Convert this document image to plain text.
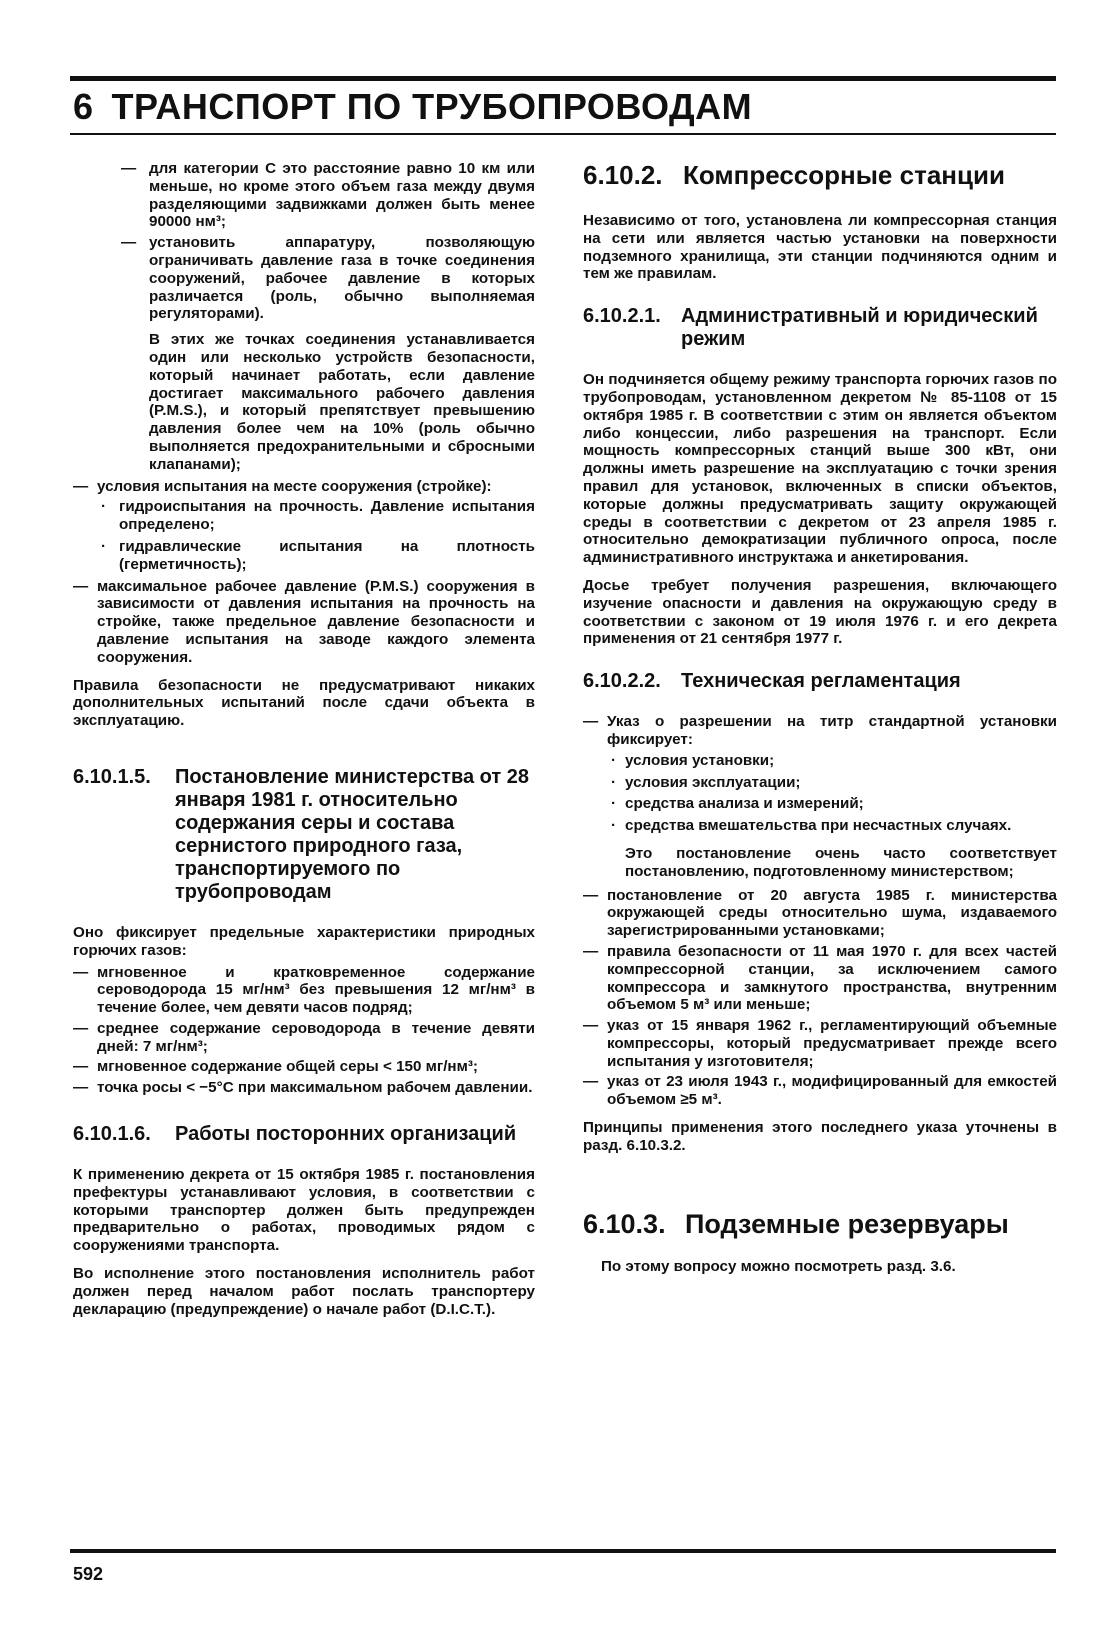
6 ТРАНСПОРТ ПО ТРУБОПРОВОДАМ
— для категории С это расстояние равно 10 км или меньше, но кроме этого объем газа между двумя разделяющими задвижками должен быть менее 90000 нм³;
— установить аппаратуру, позволяющую ограничивать давление газа в точке соединения сооружений, рабочее давление в которых различается (роль, обычно выполняемая регуляторами).

В этих же точках соединения устанавливается один или несколько устройств безопасности, который начинает работать, если давление достигает максимального рабочего давления (P.M.S.), и который препятствует превышению давления более чем на 10% (роль обычно выполняется предохранительными и сбросными клапанами);

— условия испытания на месте сооружения (стройке):
· гидроиспытания на прочность. Давление испытания определено;
· гидравлические испытания на плотность (герметичность);
— максимальное рабочее давление (P.M.S.) сооружения в зависимости от давления испытания на прочность на стройке, также предельное давление безопасности и давление испытания на заводе каждого элемента сооружения.

Правила безопасности не предусматривают никаких дополнительных испытаний после сдачи объекта в эксплуатацию.

6.10.1.5. Постановление министерства от 28 января 1981 г. относительно содержания серы и состава сернистого природного газа, транспортируемого по трубопроводам

Оно фиксирует предельные характеристики природных горючих газов:

— мгновенное и кратковременное содержание сероводорода 15 мг/нм³ без превышения 12 мг/нм³ в течение более, чем девяти часов подряд;
— среднее содержание сероводорода в течение девяти дней: 7 мг/нм³;
— мгновенное содержание общей серы < 150 мг/нм³;
— точка росы < −5°С при максимальном рабочем давлении.
6.10.1.6. Работы посторонних организаций

К применению декрета от 15 октября 1985 г. постановления префектуры устанавливают условия, в соответствии с которыми транспортер должен быть предупрежден предварительно о работах, проводимых рядом с сооружениями транспорта.

Во исполнение этого постановления исполнитель работ должен перед началом работ послать транспортеру декларацию (предупреждение) о начале работ (D.I.C.T.).

6.10.2. Компрессорные станции

Независимо от того, установлена ли компрессорная станция на сети или является частью установки на поверхности подземного хранилища, эти станции подчиняются одним и тем же правилам.

6.10.2.1. Административный и юридический режим

Он подчиняется общему режиму транспорта горючих газов по трубопроводам, установленном декретом № 85-1108 от 15 октября 1985 г. В соответствии с этим он является объектом либо концессии, либо разрешения на транспорт. Если мощность компрессорных станций выше 300 кВт, они должны иметь разрешение на эксплуатацию с точки зрения правил для установок, включенных в списки объектов, которые должны предусматривать защиту окружающей среды в соответствии с декретом от 23 апреля 1985 г. относительно демократизации публичного опроса, после административного инструктажа и анкетирования.

Досье требует получения разрешения, включающего изучение опасности и давления на окружающую среду в соответствии с законом от 19 июля 1976 г. и его декрета применения от 21 сентября 1977 г.

6.10.2.2. Техническая регламентация
— Указ о разрешении на титр стандартной установки фиксирует:
· условия установки;
· условия эксплуатации;
· средства анализа и измерений;
· средства вмешательства при несчастных случаях.

Это постановление очень часто соответствует постановлению, подготовленному министерством;

— постановление от 20 августа 1985 г. министерства окружающей среды относительно шума, издаваемого зарегистрированными установками;
— правила безопасности от 11 мая 1970 г. для всех частей компрессорной станции, за исключением самого компрессора и замкнутого пространства, внутренним объемом 5 м³ или меньше;
— указ от 15 января 1962 г., регламентирующий объемные компрессоры, который предусматривает прежде всего испытания у изготовителя;
— указ от 23 июля 1943 г., модифицированный для емкостей объемом ≥5 м³.

Принципы применения этого последнего указа уточнены в разд. 6.10.3.2.

6.10.3. Подземные резервуары

По этому вопросу можно посмотреть разд. 3.6.

592
